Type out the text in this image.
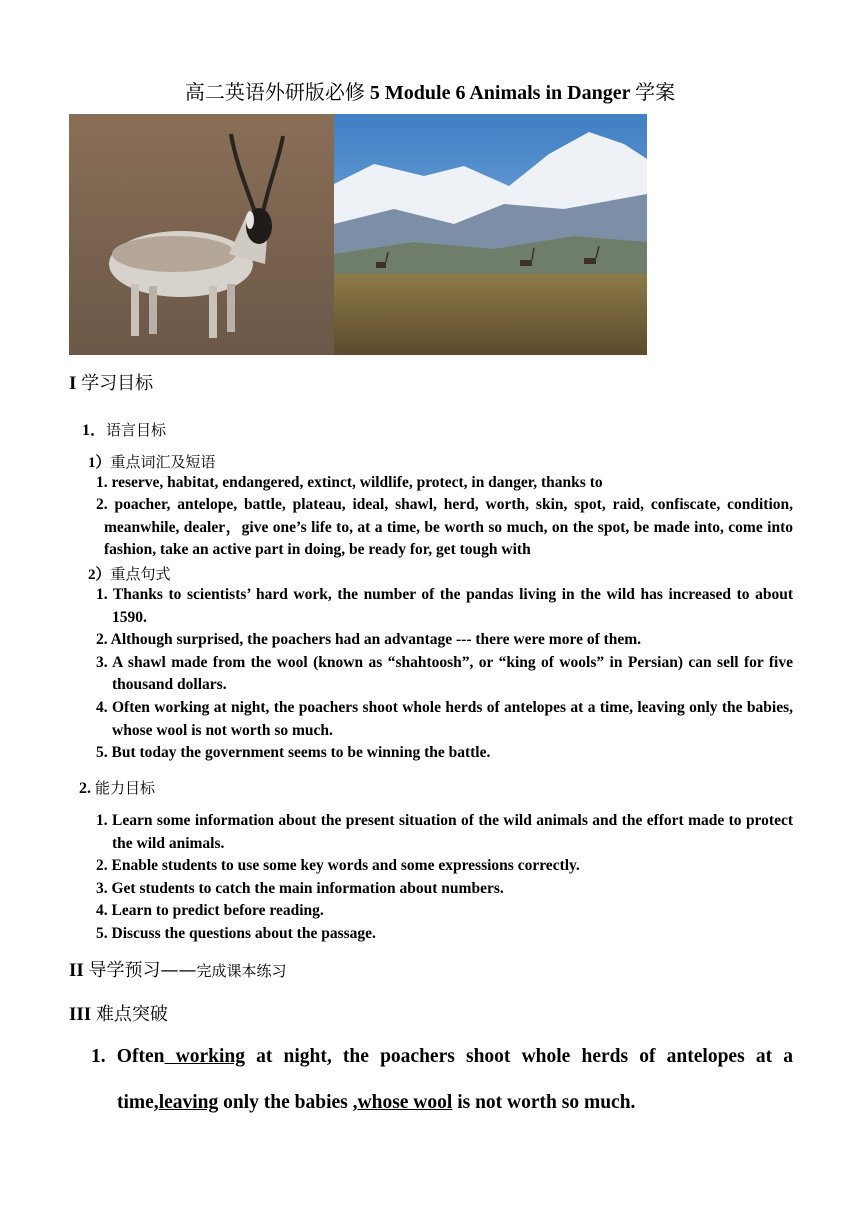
高二英语外研版必修 5 Module 6 Animals in Danger 学案
I 学习目标
1．语言目标
1）重点词汇及短语
1. reserve, habitat, endangered, extinct, wildlife, protect, in danger, thanks to
2. poacher, antelope, battle, plateau, ideal, shawl, herd, worth, skin, spot, raid, confiscate, condition, meanwhile, dealer，give one’s life to, at a time, be worth so much, on the spot, be made into, come into fashion, take an active part in doing, be ready for, get tough with
2）重点句式
1. Thanks to scientists’ hard work, the number of the pandas living in the wild has increased to about 1590.
2. Although surprised, the poachers had an advantage --- there were more of them.
3. A shawl made from the wool (known as “shahtoosh”, or “king of wools” in Persian) can sell for five thousand dollars.
4. Often working at night, the poachers shoot whole herds of antelopes at a time, leaving only the babies, whose wool is not worth so much.
5. But today the government seems to be winning the battle.
2. 能力目标
1. Learn some information about the present situation of the wild animals and the effort made to protect the wild animals.
2. Enable students to use some key words and some expressions correctly.
3. Get students to catch the main information about numbers.
4. Learn to predict before reading.
5. Discuss the questions about the passage.
II 导学预习——完成课本练习
III 难点突破
1. Often working at night, the poachers shoot whole herds of antelopes at a time,leaving only the babies ,whose wool is not worth so much.
